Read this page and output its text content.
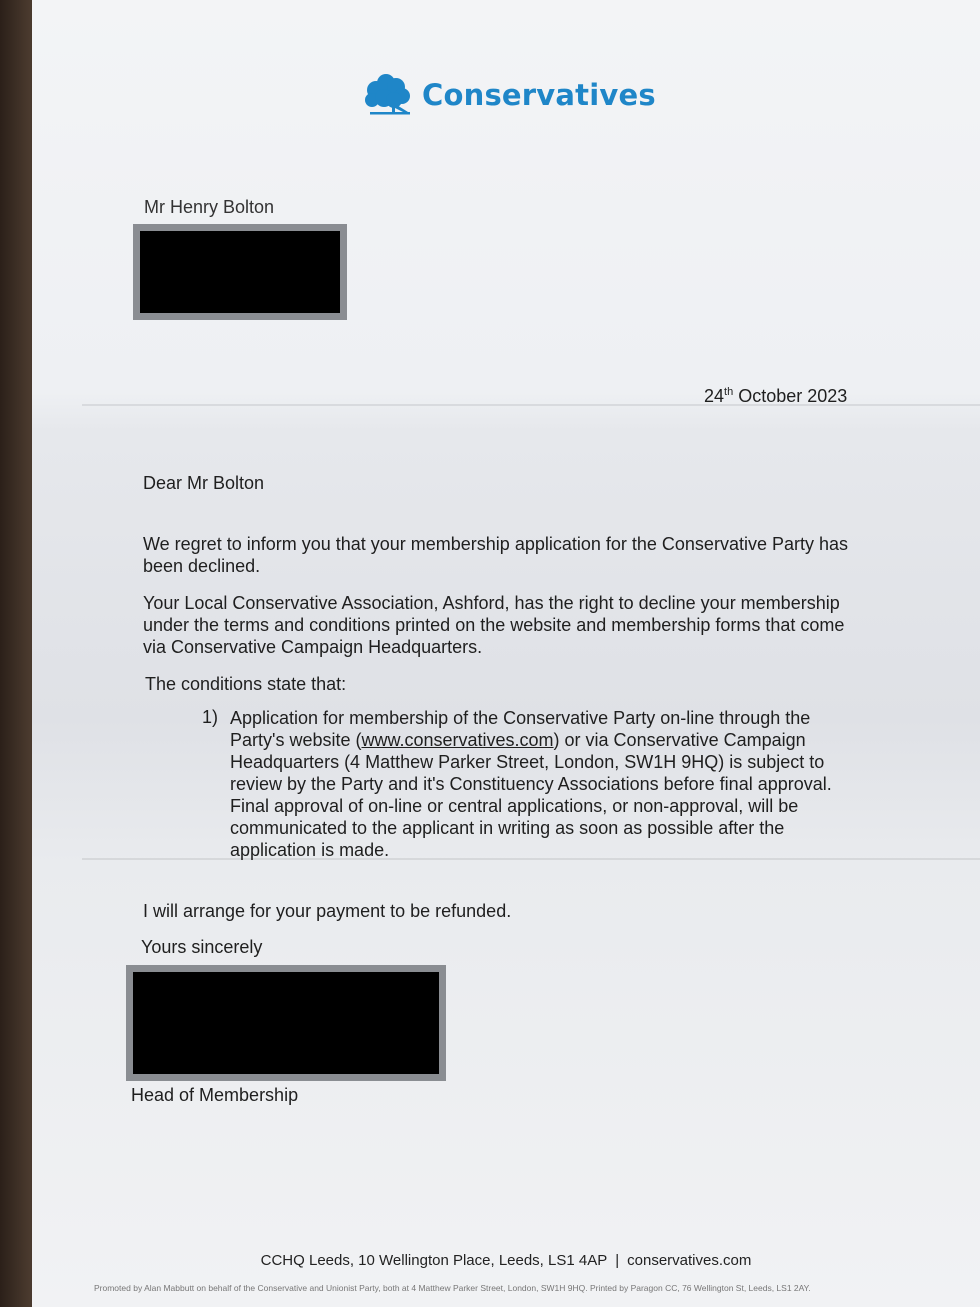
Conservatives
Mr Henry Bolton
24th October 2023
Dear Mr Bolton
We regret to inform you that your membership application for the Conservative Party has been declined.
Your Local Conservative Association, Ashford, has the right to decline your membership under the terms and conditions printed on the website and membership forms that come via Conservative Campaign Headquarters.
The conditions state that:
1) Application for membership of the Conservative Party on-line through the Party's website (www.conservatives.com) or via Conservative Campaign Headquarters (4 Matthew Parker Street, London, SW1H 9HQ) is subject to review by the Party and it's Constituency Associations before final approval. Final approval of on-line or central applications, or non-approval, will be communicated to the applicant in writing as soon as possible after the application is made.
I will arrange for your payment to be refunded.
Yours sincerely
Head of Membership
CCHQ Leeds, 10 Wellington Place, Leeds, LS1 4AP | conservatives.com
Promoted by Alan Mabbutt on behalf of the Conservative and Unionist Party, both at 4 Matthew Parker Street, London, SW1H 9HQ. Printed by Paragon CC, 76 Wellington St, Leeds, LS1 2AY.
